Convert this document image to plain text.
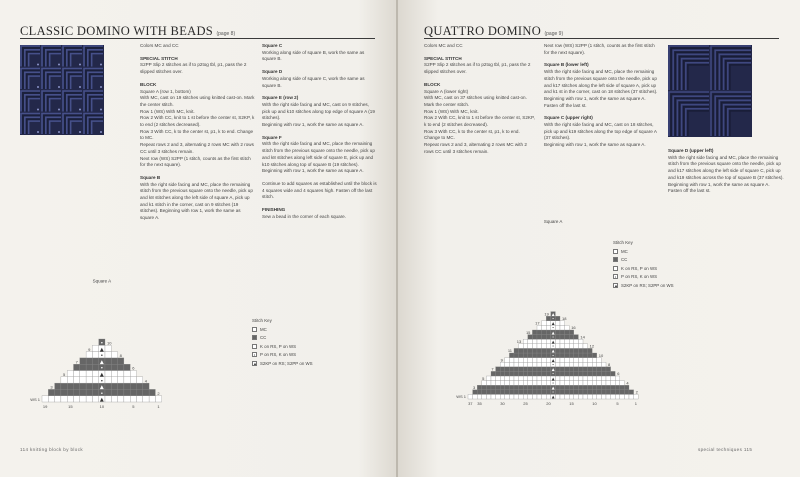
CLASSIC DOMINO WITH BEADS (page 8)

Colors MC and CC

SPECIAL STITCH

S2PP Slip 2 stitches as if to p2tog tbl, p1, pass the 2 slipped stitches over.

BLOCK

Square A (row 1, bottom)
With MC, cast on 19 stitches using knitted cast-on. Mark the center stitch.
Row 1 (WS) With MC, knit.
Row 2 With CC, knit to 1 st before the center st, S2KP, k to end (2 stitches decreased).
Row 3 With CC, k to the center st, p1, k to end. Change to MC.
Repeat rows 2 and 3, alternating 2 rows MC with 2 rows CC until 3 stitches remain.

Next row (WS) S2PP (1 stitch, counts as the first stitch for the next square).

Square B

With the right side facing and MC, place the remaining stitch from the previous square onto the needle, pick up and k8 stitches along the left side of square A, pick up and k1 stitch in the corner, cast on 9 stitches (19 stitches). Beginning with row 1, work the same as square A.

Square C

Working along side of square B, work the same as square B.

Square D

Working along side of square C, work the same as square B.

Square E (row 2)
With the right side facing and MC, cast on 9 stitches, pick up and k10 stitches along top edge of square A (19 stitches).

Beginning with row 1, work the same as square A.

Square F
With the right side facing and MC, place the remaining stitch from the previous square onto the needle, pick up and k8 stitches along left side of square E, pick up and k10 stitches along top of square B (19 stitches).

Beginning with row 1, work the same as square A.

Continue to add squares as established until the block is 4 squares wide and 4 squares high. Fasten off the last stitch.

FINISHING

Sew a bead in the corner of each square.

Square A
▲
WS 1
•	2
▲
3
•	4
▲
5
•	6
▲
7
•	8
▲
9
• 10
19	15	10	5	1
Stitch Key
MC
CC
K on RS, P on WS
•	P on RS, K on WS
▲ S2KP on RS; S2PP on WS
114 knitting block by block
QUATTRO DOMINO (page 9)

Colors MC and CC

SPECIAL STITCH

S2PP Slip 2 stitches as if to p2tog tbl, p1, pass the 2 slipped stitches over.

BLOCK

Square A (lower right)
With MC, cast on 37 stitches using knitted cast-on. Mark the center stitch.
Row 1 (WS) With MC, knit.
Row 2 With CC, knit to 1 st before the center st, S2KP, k to end (2 stitches decreased).
Row 3 With CC, k to the center st, p1, k to end. Change to MC.
Repeat rows 2 and 3, alternating 2 rows MC with 2 rows CC until 3 stitches remain.

Next row (WS) S2PP (1 stitch, counts as the first stitch for the next square).

Square B (lower left)

With the right side facing and MC, place the remaining stitch from the previous square onto the needle, pick up and k17 stitches along the left side of square A, pick up and k1 st in the corner, cast on 18 stitches (37 stitches). Beginning with row 1, work the same as square A. Fasten off the last st.

Square C (upper right)
With the right side facing and MC, cast on 18 stitches, pick up and k19 stitches along the top edge of square A (37 stitches).
Beginning with row 1, work the same as square A.
Square D (upper left)

With the right side facing and MC, place the remaining stitch from the previous square onto the needle, pick up and k17 stitches along the left side of square C, pick up and k19 stitches across the top of square B (37 stitches). Beginning with row 1, work the same as square A. Fasten off the last st.

Square A
▲
WS 1
•	2
▲
3
•	4
▲
5
•	6
▲
7
•	8
▲
9
•	10
▲
11
•	12
▲
13
•	14
▲
15
•	16
▲
17
• 18
▲
19
37 35	30	25	20	15	10	5	1
Stitch Key
MC
CC
K on RS, P on WS
•	P on RS, K on WS
▲ S2KP on RS; S2PP on WS
special techniques 115
